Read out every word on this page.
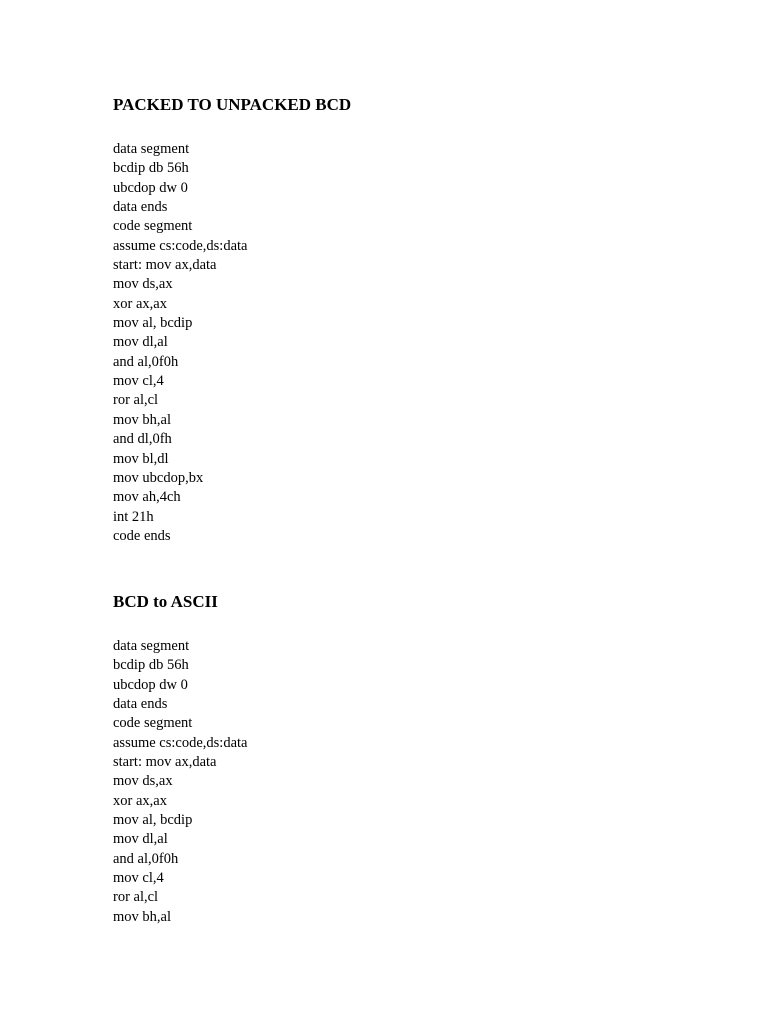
PACKED TO UNPACKED BCD
data segment
bcdip db 56h
ubcdop dw 0
data ends
code segment
assume cs:code,ds:data
start: mov ax,data
mov ds,ax
xor ax,ax
mov al, bcdip
mov dl,al
and al,0f0h
mov cl,4
ror al,cl
mov bh,al
and dl,0fh
mov bl,dl
mov ubcdop,bx
mov ah,4ch
int 21h
code ends
BCD to ASCII
data segment
bcdip db 56h
ubcdop dw 0
data ends
code segment
assume cs:code,ds:data
start: mov ax,data
mov ds,ax
xor ax,ax
mov al, bcdip
mov dl,al
and al,0f0h
mov cl,4
ror al,cl
mov bh,al
